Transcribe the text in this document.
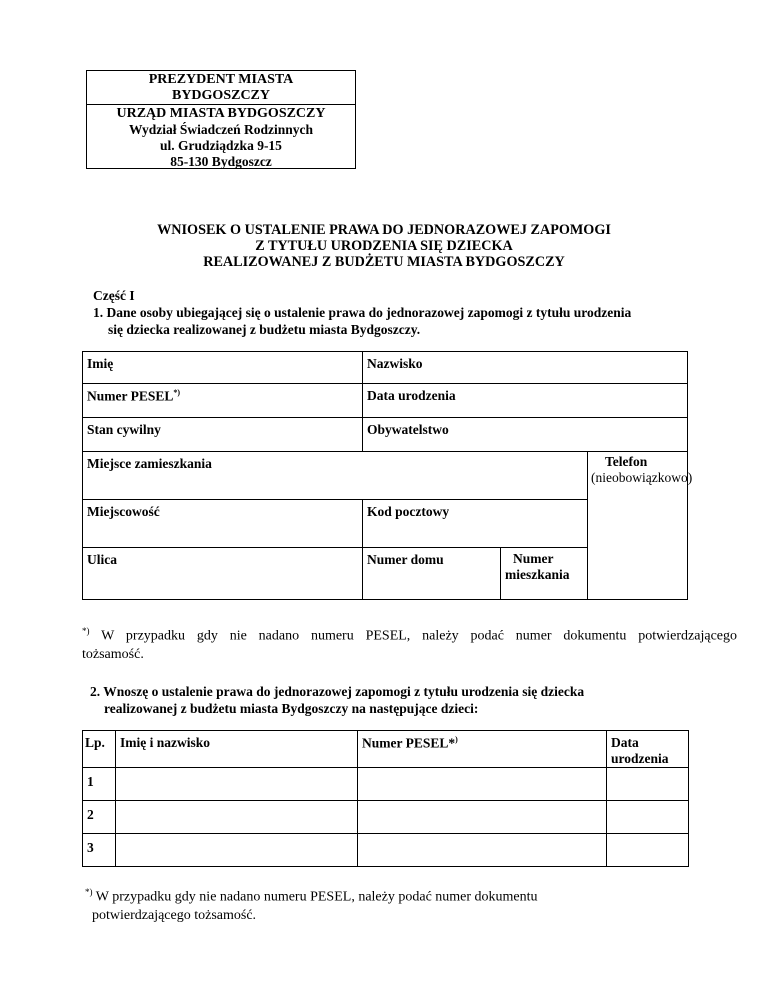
PREZYDENT MIASTA
BYDGOSZCZY
URZĄD MIASTA BYDGOSZCZY
Wydział Świadczeń Rodzinnych
ul. Grudziądzka 9-15
85-130 Bydgoszcz
WNIOSEK O USTALENIE PRAWA DO JEDNORAZOWEJ ZAPOMOGI
Z TYTUŁU URODZENIA SIĘ DZIECKA
REALIZOWANEJ Z BUDŻETU MIASTA BYDGOSZCZY
Część I
1. Dane osoby ubiegającej się o ustalenie prawa do jednorazowej zapomogi z tytułu urodzenia
się dziecka realizowanej z budżetu miasta Bydgoszczy.
Imię	Nazwisko		

Numer PESEL*)	Data urodzenia		

Stan cywilny	Obywatelstwo		

Miejsce zamieszkania			Telefon
(nieobowiązkowo)

Miejscowość	Kod pocztowy		

Ulica	Numer domu	Numer
mieszkania	
*) W przypadku gdy nie nadano numeru PESEL, należy podać numer dokumentu potwierdzającego
tożsamość.
2. Wnoszę o ustalenie prawa do jednorazowej zapomogi z tytułu urodzenia się dziecka
realizowanej z budżetu miasta Bydgoszczy na następujące dzieci:
Lp.	Imię i nazwisko	Numer PESEL*)	Data urodzenia

1			

2			

3			

*) W przypadku gdy nie nadano numeru PESEL, należy podać numer dokumentu
potwierdzającego tożsamość.
